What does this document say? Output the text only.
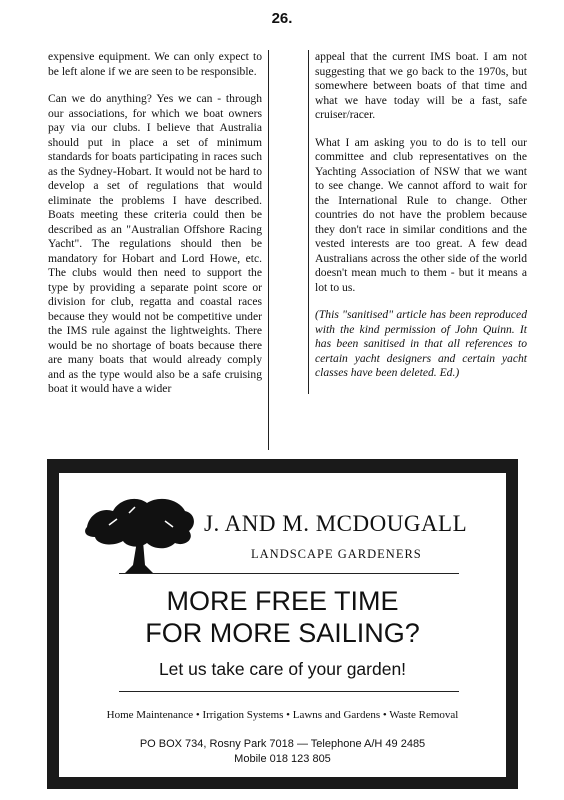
26.

expensive equipment. We can only expect to be left alone if we are seen to be responsible.

Can we do anything? Yes we can - through our associations, for which we boat owners pay via our clubs. I believe that Australia should put in place a set of minimum standards for boats participating in races such as the Sydney-Hobart. It would not be hard to develop a set of regulations that would eliminate the problems I have described. Boats meeting these criteria could then be described as an "Australian Offshore Racing Yacht". The regulations should then be mandatory for Hobart and Lord Howe, etc. The clubs would then need to support the type by providing a separate point score or division for club, regatta and coastal races because they would not be competitive under the IMS rule against the lightweights. There would be no shortage of boats because there are many boats that would already comply and as the type would also be a safe cruising boat it would have a wider

appeal that the current IMS boat. I am not suggesting that we go back to the 1970s, but somewhere between boats of that time and what we have today will be a fast, safe cruiser/racer.

What I am asking you to do is to tell our committee and club representatives on the Yachting Association of NSW that we want to see change. We cannot afford to wait for the International Rule to change. Other countries do not have the problem because they don't race in similar conditions and the vested interests are too great. A few dead Australians across the other side of the world doesn't mean much to them - but it means a lot to us.

(This "sanitised" article has been reproduced with the kind permission of John Quinn. It has been sanitised in that all references to certain yacht designers and certain yacht classes have been deleted. Ed.)

J. AND M. MCDOUGALL
LANDSCAPE GARDENERS
MORE FREE TIME
FOR MORE SAILING?
Let us take care of your garden!
Home Maintenance • Irrigation Systems • Lawns and Gardens • Waste Removal
PO BOX 734, Rosny Park 7018 — Telephone A/H 49 2485
Mobile 018 123 805
